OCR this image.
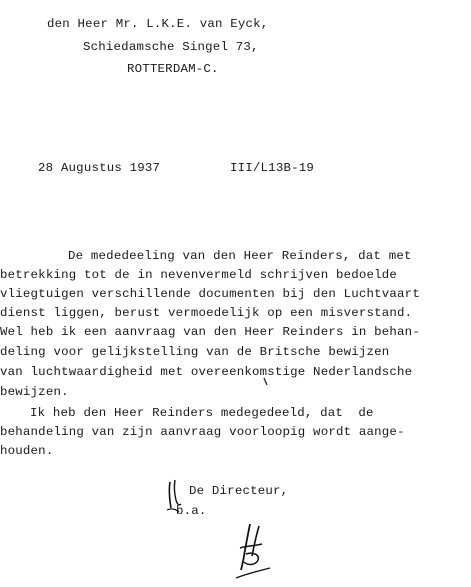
den Heer Mr. L.K.E. van Eyck,
Schiedamsche Singel 73,
ROTTERDAM-C.
28 Augustus 1937	III/L13B-19
De mededeeling van den Heer Reinders, dat met
betrekking tot de in nevenvermeld schrijven bedoelde
vliegtuigen verschillende documenten bij den Luchtvaart
dienst liggen, berust vermoedelijk op een misverstand.
Wel heb ik een aanvraag van den Heer Reinders in behan-
deling voor gelijkstelling van de Britsche bewijzen
van luchtwaardigheid met overeenkomstige Nederlandsche
bewijzen.
Ik heb den Heer Reinders medegedeeld, dat  de
behandeling van zijn aanvraag voorloopig wordt aange-
houden.
De Directeur,
b.a.
